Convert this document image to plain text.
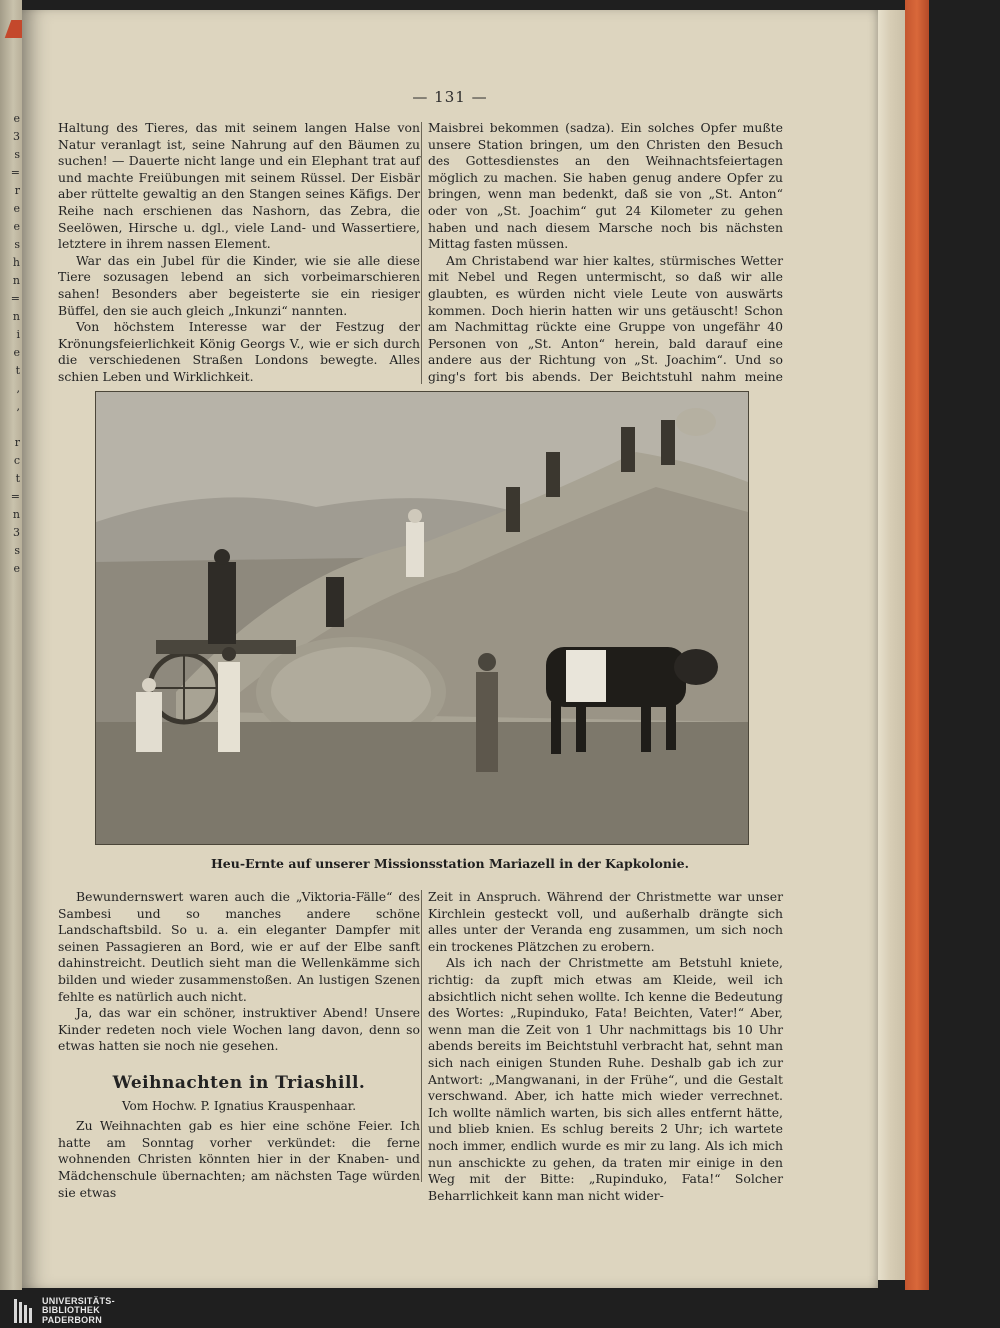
e
3
s
=
r
e
e
s
h
n
=
n
i
e
t
,
,

r
c
t
=
n
3
s
e
— 131 —

Haltung des Tieres, das mit seinem langen Halse von Natur veranlagt ist, seine Nahrung auf den Bäumen zu suchen! — Dauerte nicht lange und ein Elephant trat auf und machte Freiübungen mit seinem Rüssel. Der Eisbär aber rüttelte gewaltig an den Stangen seines Käfigs. Der Reihe nach erschienen das Nashorn, das Zebra, die Seelöwen, Hirsche u. dgl., viele Land- und Wassertiere, letztere in ihrem nassen Element.

War das ein Jubel für die Kinder, wie sie alle diese Tiere sozusagen lebend an sich vorbeimarschieren sahen! Besonders aber begeisterte sie ein riesiger Büffel, den sie auch gleich „Inkunzi“ nannten.

Von höchstem Interesse war der Festzug der Krönungsfeierlichkeit König Georgs V., wie er sich durch die verschiedenen Straßen Londons bewegte. Alles schien Leben und Wirklichkeit.

Maisbrei bekommen (sadza). Ein solches Opfer mußte unsere Station bringen, um den Christen den Besuch des Gottesdienstes an den Weihnachtsfeiertagen möglich zu machen. Sie haben genug andere Opfer zu bringen, wenn man bedenkt, daß sie von „St. Anton“ oder von „St. Joachim“ gut 24 Kilometer zu gehen haben und nach diesem Marsche noch bis nächsten Mittag fasten müssen.

Am Christabend war hier kaltes, stürmisches Wetter mit Nebel und Regen untermischt, so daß wir alle glaubten, es würden nicht viele Leute von auswärts kommen. Doch hierin hatten wir uns getäuscht! Schon am Nachmittag rückte eine Gruppe von ungefähr 40 Personen von „St. Anton“ herein, bald darauf eine andere aus der Richtung von „St. Joachim“. Und so ging's fort bis abends. Der Beichtstuhl nahm meine

Heu-Ernte auf unserer Missionsstation Mariazell in der Kapkolonie.

Bewundernswert waren auch die „Viktoria-Fälle“ des Sambesi und so manches andere schöne Landschaftsbild. So u. a. ein eleganter Dampfer mit seinen Passagieren an Bord, wie er auf der Elbe sanft dahinstreicht. Deutlich sieht man die Wellenkämme sich bilden und wieder zusammenstoßen. An lustigen Szenen fehlte es natürlich auch nicht.

Ja, das war ein schöner, instruktiver Abend! Unsere Kinder redeten noch viele Wochen lang davon, denn so etwas hatten sie noch nie gesehen.

Weihnachten in Triashill.
Vom Hochw. P. Ignatius Krauspenhaar.

Zu Weihnachten gab es hier eine schöne Feier. Ich hatte am Sonntag vorher verkündet: die ferne wohnenden Christen könnten hier in der Knaben- und Mädchenschule übernachten; am nächsten Tage würden sie etwas

Zeit in Anspruch. Während der Christmette war unser Kirchlein gesteckt voll, und außerhalb drängte sich alles unter der Veranda eng zusammen, um sich noch ein trockenes Plätzchen zu erobern.

Als ich nach der Christmette am Betstuhl kniete, richtig: da zupft mich etwas am Kleide, weil ich absichtlich nicht sehen wollte. Ich kenne die Bedeutung des Wortes: „Rupinduko, Fata! Beichten, Vater!“ Aber, wenn man die Zeit von 1 Uhr nachmittags bis 10 Uhr abends bereits im Beichtstuhl verbracht hat, sehnt man sich nach einigen Stunden Ruhe. Deshalb gab ich zur Antwort: „Mangwanani, in der Frühe“, und die Gestalt verschwand. Aber, ich hatte mich wieder verrechnet. Ich wollte nämlich warten, bis sich alles entfernt hätte, und blieb knien. Es schlug bereits 2 Uhr; ich wartete noch immer, endlich wurde es mir zu lang. Als ich mich nun anschickte zu gehen, da traten mir einige in den Weg mit der Bitte: „Rupinduko, Fata!“ Solcher Beharrlichkeit kann man nicht wider-

UNIVERSITÄTS-
BIBLIOTHEK
PADERBORN
